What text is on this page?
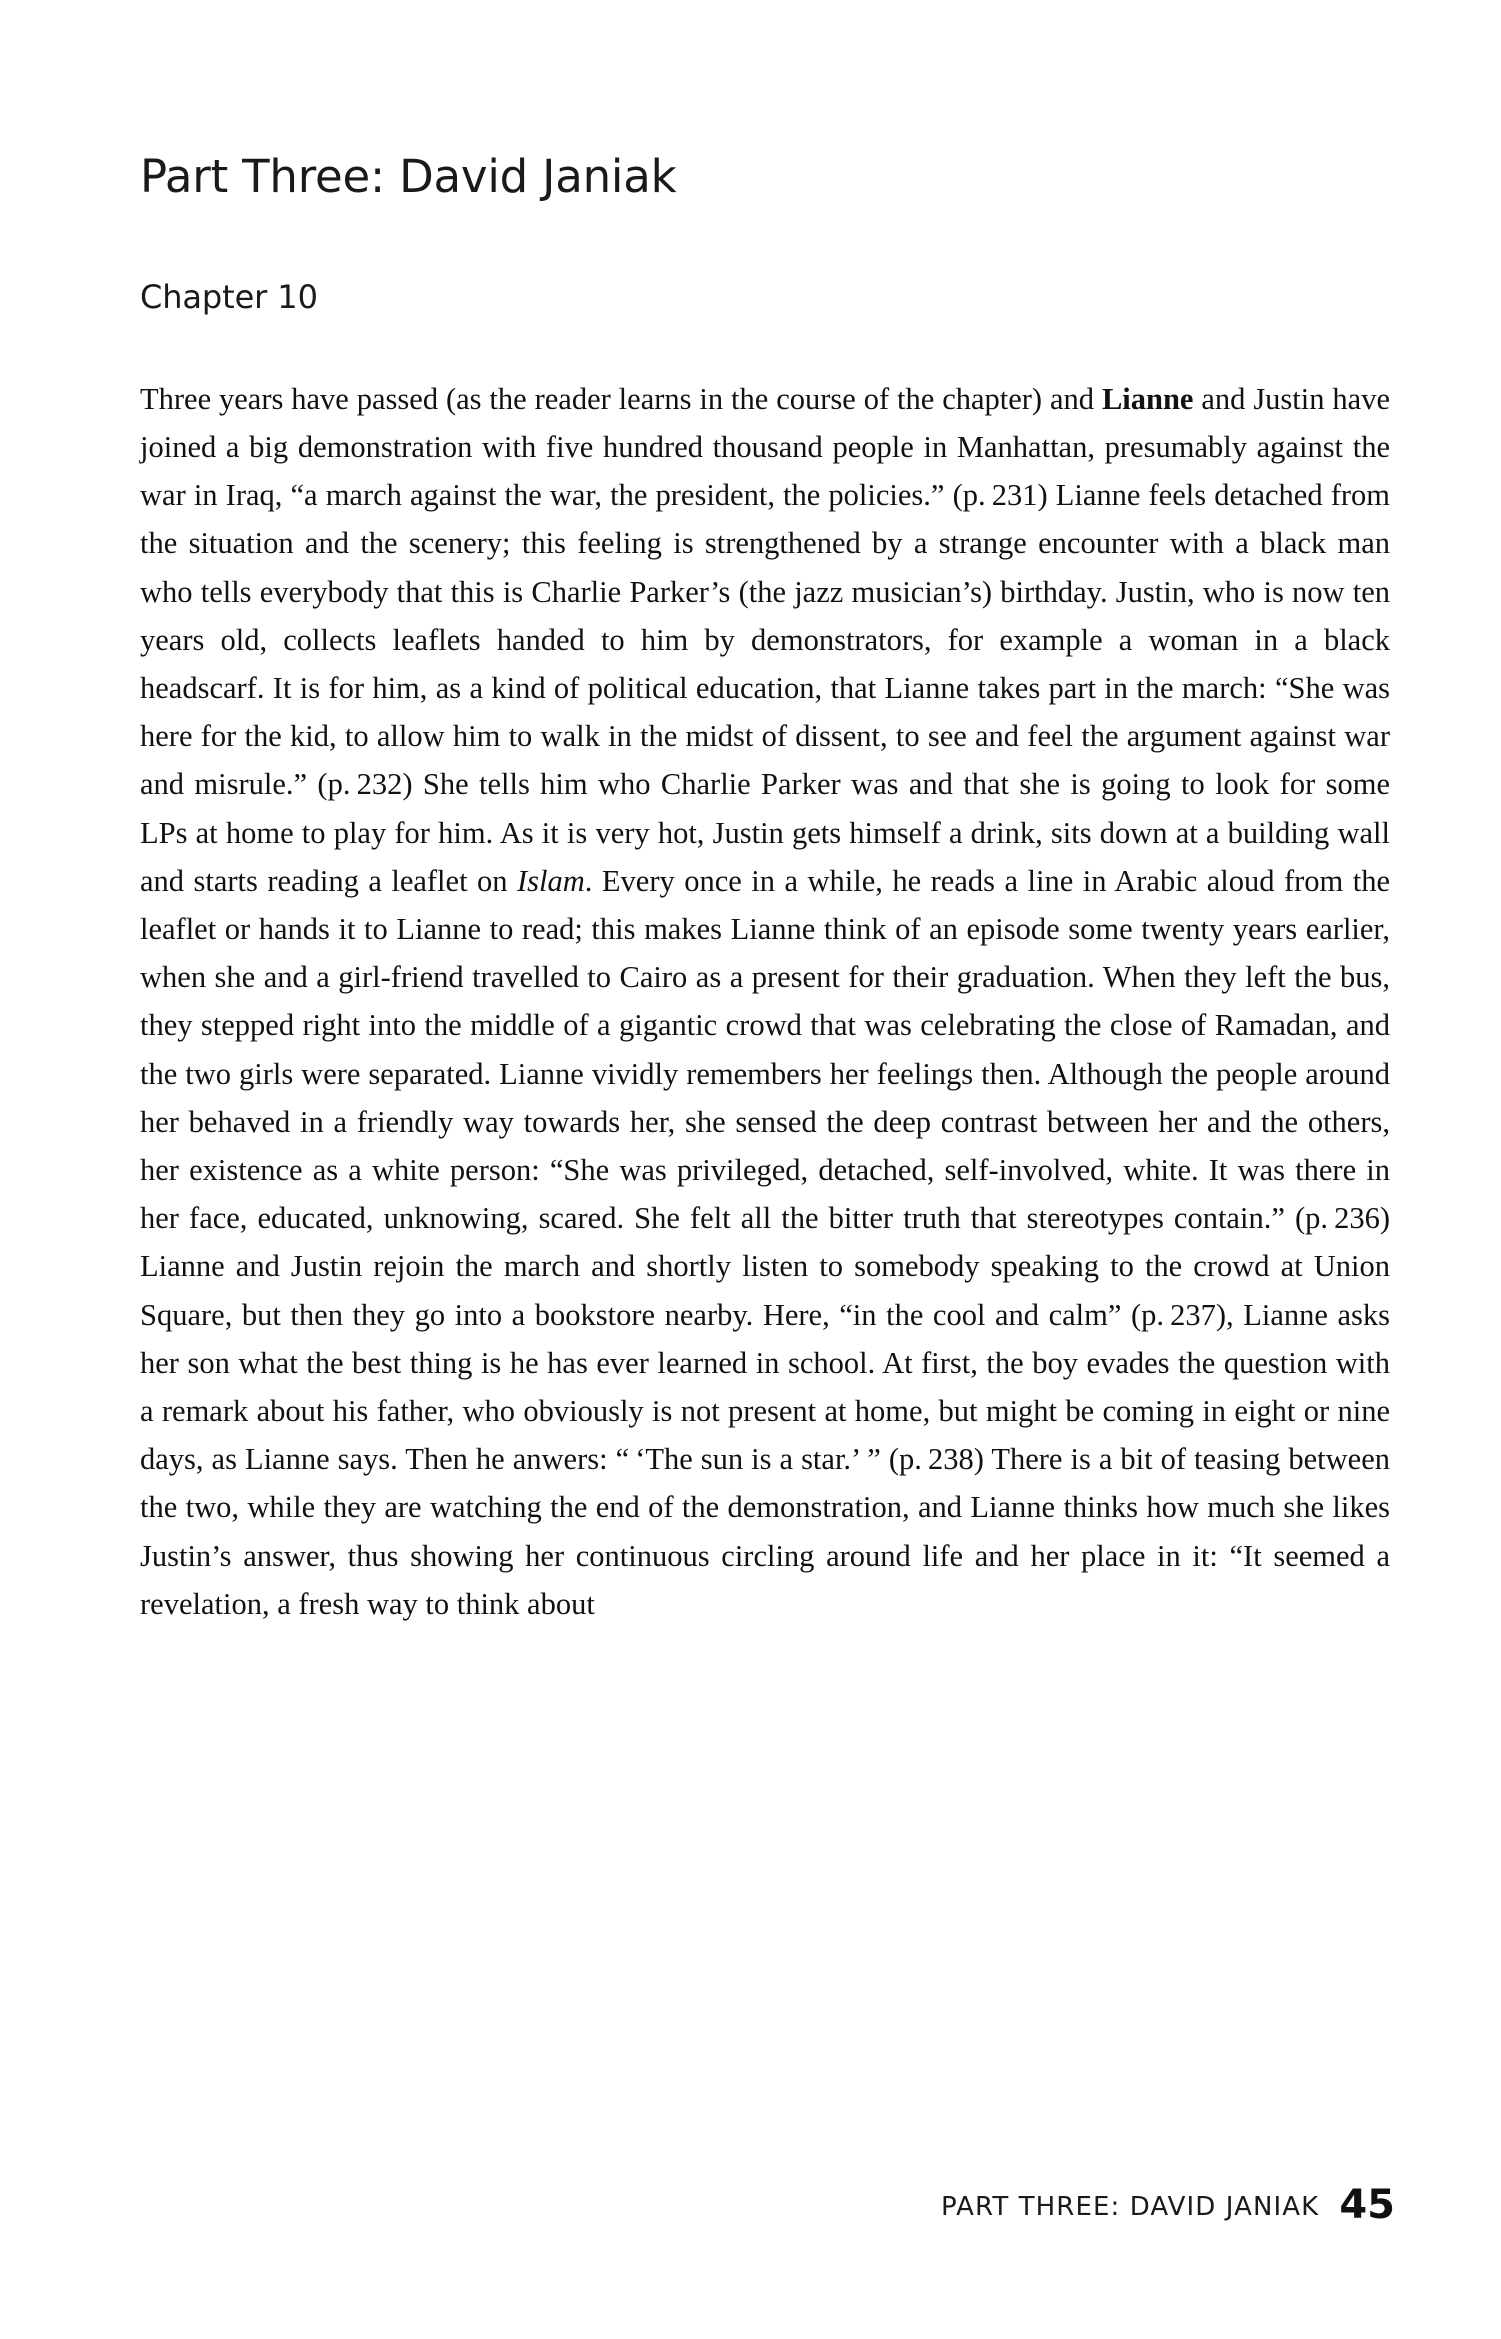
Part Three: David Janiak
Chapter 10

Three years have passed (as the reader learns in the course of the chapter) and Lianne and Justin have joined a big demonstration with five hundred thousand people in Manhattan, presumably against the war in Iraq, “a march against the war, the president, the policies.” (p. 231) Lianne feels detached from the situation and the scenery; this feeling is strengthened by a strange encounter with a black man who tells everybody that this is Charlie Parker’s (the jazz musician’s) birthday. Justin, who is now ten years old, collects leaflets handed to him by demonstrators, for example a woman in a black headscarf. It is for him, as a kind of political education, that Lianne takes part in the march: “She was here for the kid, to allow him to walk in the midst of dissent, to see and feel the argument against war and misrule.” (p. 232) She tells him who Charlie Parker was and that she is going to look for some LPs at home to play for him. As it is very hot, Justin gets himself a drink, sits down at a building wall and starts reading a leaflet on Islam. Every once in a while, he reads a line in Arabic aloud from the leaflet or hands it to Lianne to read; this makes Lianne think of an episode some twenty years earlier, when she and a girl-friend travelled to Cairo as a present for their graduation. When they left the bus, they stepped right into the middle of a gigantic crowd that was celebrating the close of Ramadan, and the two girls were separated. Lianne vividly remembers her feelings then. Although the people around her behaved in a friendly way towards her, she sensed the deep contrast between her and the others, her existence as a white person: “She was privileged, detached, self-involved, white. It was there in her face, educated, unknowing, scared. She felt all the bitter truth that stereotypes contain.” (p. 236) Lianne and Justin rejoin the march and shortly listen to somebody speaking to the crowd at Union Square, but then they go into a bookstore nearby. Here, “in the cool and calm” (p. 237), Lianne asks her son what the best thing is he has ever learned in school. At first, the boy evades the question with a remark about his father, who obviously is not present at home, but might be coming in eight or nine days, as Lianne says. Then he anwers: “ ‘The sun is a star.’ ” (p. 238) There is a bit of teasing between the two, while they are watching the end of the demonstration, and Lianne thinks how much she likes Justin’s answer, thus showing her continuous circling around life and her place in it: “It seemed a revelation, a fresh way to think about

PART THREE: DAVID JANIAK 45
